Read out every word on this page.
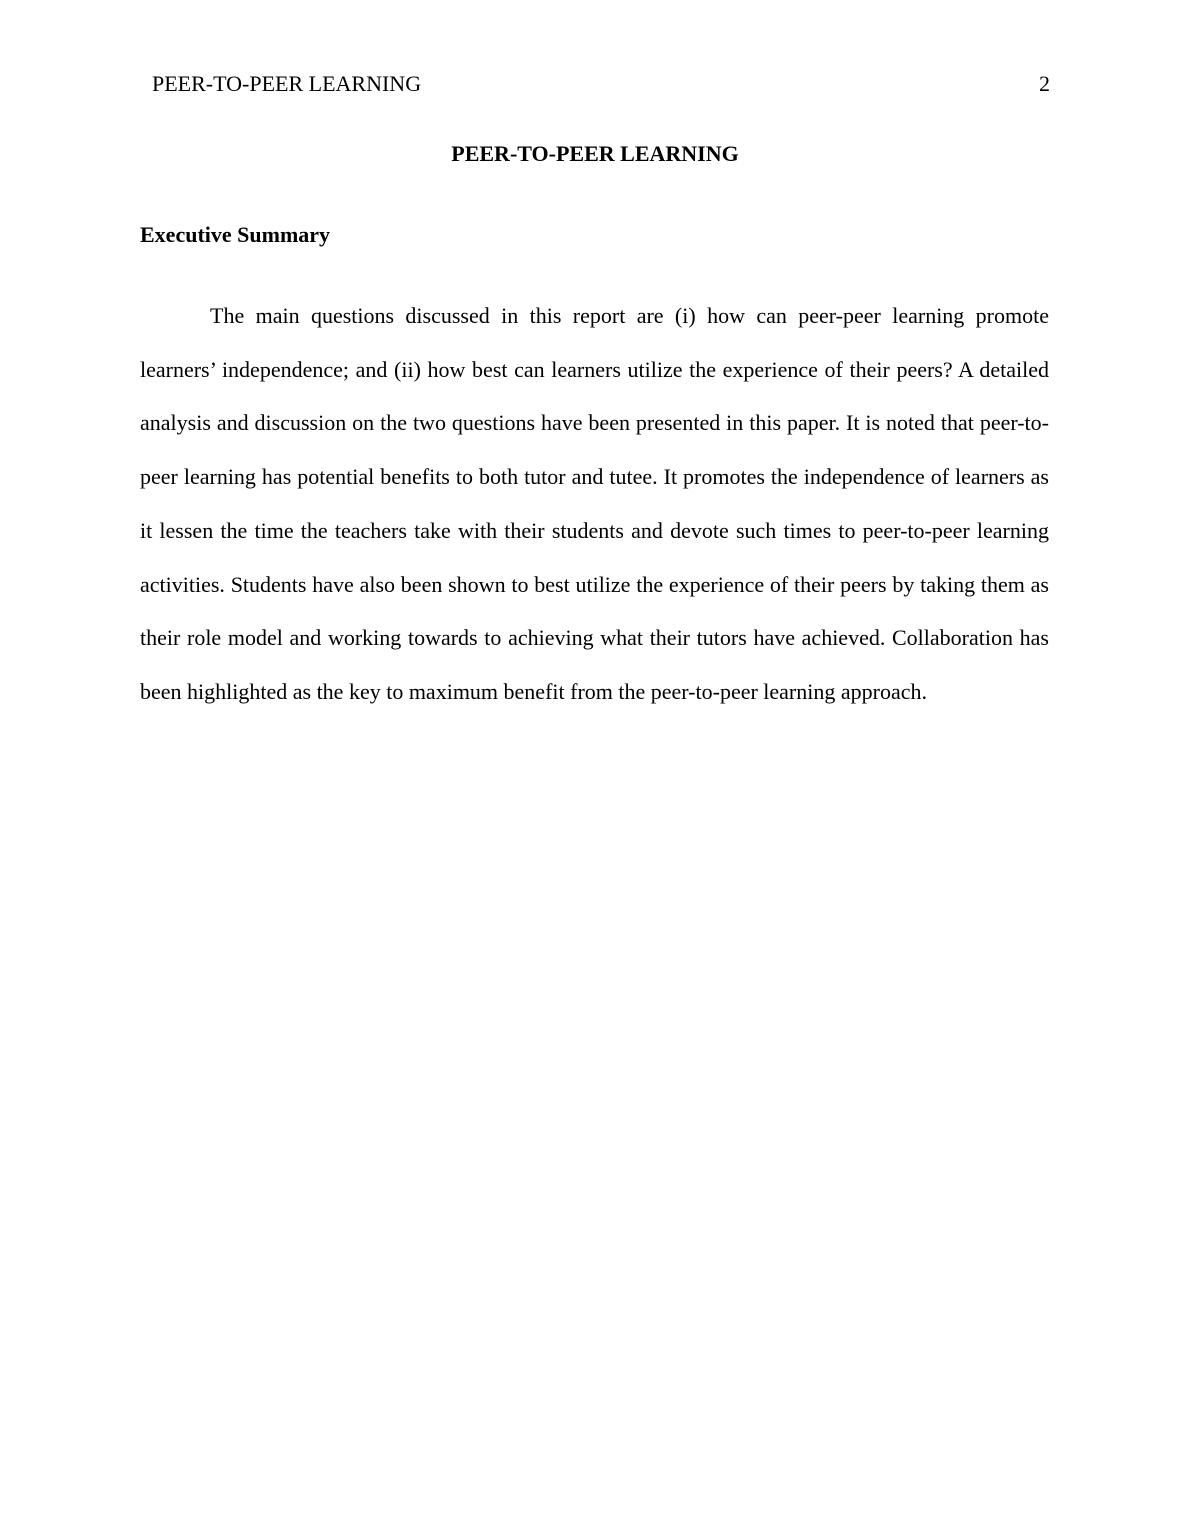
PEER-TO-PEER LEARNING	2
PEER-TO-PEER LEARNING
Executive Summary

The main questions discussed in this report are (i) how can peer-peer learning promote learners’ independence; and (ii) how best can learners utilize the experience of their peers? A detailed analysis and discussion on the two questions have been presented in this paper. It is noted that peer-to-peer learning has potential benefits to both tutor and tutee. It promotes the independence of learners as it lessen the time the teachers take with their students and devote such times to peer-to-peer learning activities. Students have also been shown to best utilize the experience of their peers by taking them as their role model and working towards to achieving what their tutors have achieved. Collaboration has been highlighted as the key to maximum benefit from the peer-to-peer learning approach.
